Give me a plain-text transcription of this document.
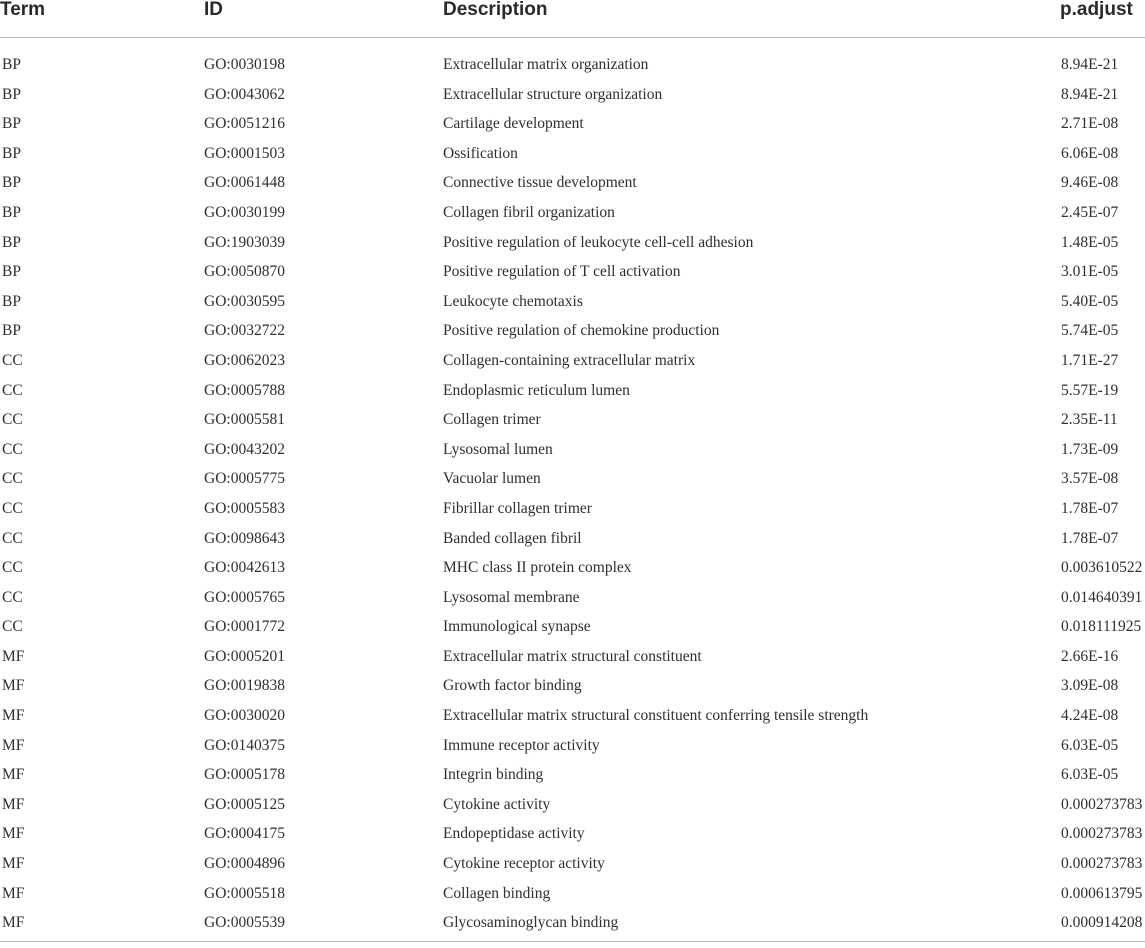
Term	ID	Description	p.adjust
BP	GO:0030198	Extracellular matrix organization	8.94E-21
BP	GO:0043062	Extracellular structure organization	8.94E-21
BP	GO:0051216	Cartilage development	2.71E-08
BP	GO:0001503	Ossification	6.06E-08
BP	GO:0061448	Connective tissue development	9.46E-08
BP	GO:0030199	Collagen fibril organization	2.45E-07
BP	GO:1903039	Positive regulation of leukocyte cell-cell adhesion	1.48E-05
BP	GO:0050870	Positive regulation of T cell activation	3.01E-05
BP	GO:0030595	Leukocyte chemotaxis	5.40E-05
BP	GO:0032722	Positive regulation of chemokine production	5.74E-05
CC	GO:0062023	Collagen-containing extracellular matrix	1.71E-27
CC	GO:0005788	Endoplasmic reticulum lumen	5.57E-19
CC	GO:0005581	Collagen trimer	2.35E-11
CC	GO:0043202	Lysosomal lumen	1.73E-09
CC	GO:0005775	Vacuolar lumen	3.57E-08
CC	GO:0005583	Fibrillar collagen trimer	1.78E-07
CC	GO:0098643	Banded collagen fibril	1.78E-07
CC	GO:0042613	MHC class II protein complex	0.003610522
CC	GO:0005765	Lysosomal membrane	0.014640391
CC	GO:0001772	Immunological synapse	0.018111925
MF	GO:0005201	Extracellular matrix structural constituent	2.66E-16
MF	GO:0019838	Growth factor binding	3.09E-08
MF	GO:0030020	Extracellular matrix structural constituent conferring tensile strength	4.24E-08
MF	GO:0140375	Immune receptor activity	6.03E-05
MF	GO:0005178	Integrin binding	6.03E-05
MF	GO:0005125	Cytokine activity	0.000273783
MF	GO:0004175	Endopeptidase activity	0.000273783
MF	GO:0004896	Cytokine receptor activity	0.000273783
MF	GO:0005518	Collagen binding	0.000613795
MF	GO:0005539	Glycosaminoglycan binding	0.000914208
